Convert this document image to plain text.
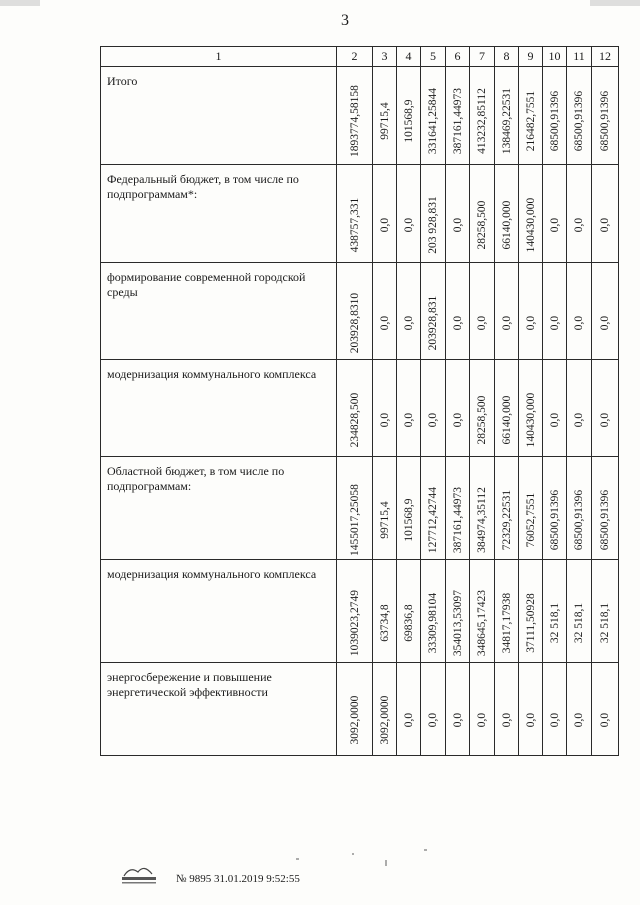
3
1	2	3	4	5	6	7	8	9	10	11	12
Итого	1893774,58158	99715,4	101568,9	331641,25844	387161,44973	413232,85112	138469,22531	216482,7551	68500,91396	68500,91396	68500,91396

Федеральный бюджет, в том числе по подпрограммам*:	438757,331	0,0	0,0	203 928,831	0,0	28258,500	66140,000	140430,000	0,0	0,0	0,0

формирование современной городской среды	203928,8310	0,0	0,0	203928,831	0,0	0,0	0,0	0,0	0,0	0,0	0,0

модернизация коммунального комплекса	234828,500	0,0	0,0	0,0	0,0	28258,500	66140,000	140430,000	0,0	0,0	0,0

Областной бюджет, в том числе по подпрограммам:	1455017,25058	99715,4	101568,9	127712,42744	387161,44973	384974,35112	72329,22531	76052,7551	68500,91396	68500,91396	68500,91396

модернизация коммунального комплекса	1039023,2749	63734,8	69836,8	33309,98104	354013,53097	348645,17423	34817,17938	37111,50928	32 518,1	32 518,1	32 518,1

энергосбережение и повышение энергетической эффективности	3092,0000	3092,0000	0,0	0,0	0,0	0,0	0,0	0,0	0,0	0,0	0,0
№ 9895 31.01.2019 9:52:55
